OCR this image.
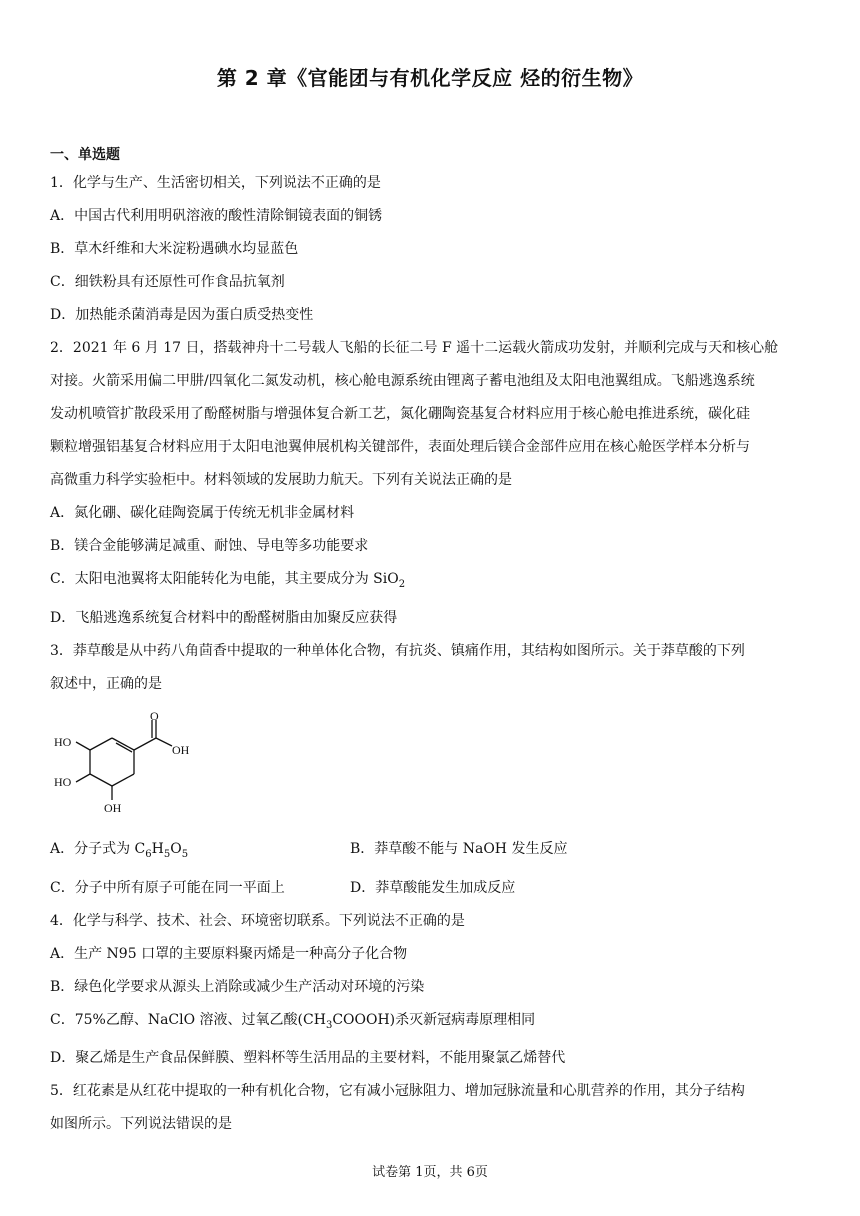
第 2 章《官能团与有机化学反应 烃的衍生物》
一、单选题
1．化学与生产、生活密切相关，下列说法不正确的是
A．中国古代利用明矾溶液的酸性清除铜镜表面的铜锈
B．草木纤维和大米淀粉遇碘水均显蓝色
C．细铁粉具有还原性可作食品抗氧剂
D．加热能杀菌消毒是因为蛋白质受热变性
2．2021 年 6 月 17 日，搭载神舟十二号载人飞船的长征二号 F 遥十二运载火箭成功发射，并顺利完成与天和核心舱
对接。火箭采用偏二甲肼/四氧化二氮发动机，核心舱电源系统由锂离子蓄电池组及太阳电池翼组成。飞船逃逸系统
发动机喷管扩散段采用了酚醛树脂与增强体复合新工艺，氮化硼陶瓷基复合材料应用于核心舱电推进系统，碳化硅
颗粒增强铝基复合材料应用于太阳电池翼伸展机构关键部件，表面处理后镁合金部件应用在核心舱医学样本分析与
高微重力科学实验柜中。材料领域的发展助力航天。下列有关说法正确的是
A．氮化硼、碳化硅陶瓷属于传统无机非金属材料
B．镁合金能够满足减重、耐蚀、导电等多功能要求
C．太阳电池翼将太阳能转化为电能，其主要成分为 SiO$_2$
D．飞船逃逸系统复合材料中的酚醛树脂由加聚反应获得
3．莽草酸是从中药八角茴香中提取的一种单体化合物，有抗炎、镇痛作用，其结构如图所示。关于莽草酸的下列
叙述中，正确的是
O
OH
HO
HO
OH
A．分子式为 $C_6H_5O_5$	B．莽草酸不能与 NaOH 发生反应
C．分子中所有原子可能在同一平面上	D．莽草酸能发生加成反应
4．化学与科学、技术、社会、环境密切联系。下列说法不正确的是
A．生产 N95 口罩的主要原料聚丙烯是一种高分子化合物
B．绿色化学要求从源头上消除或减少生产活动对环境的污染
C．75%乙醇、NaClO 溶液、过氧乙酸$(CH_3COOOH)$杀灭新冠病毒原理相同
D．聚乙烯是生产食品保鲜膜、塑料杯等生活用品的主要材料，不能用聚氯乙烯替代
5．红花素是从红花中提取的一种有机化合物，它有减小冠脉阻力、增加冠脉流量和心肌营养的作用，其分子结构
如图所示。下列说法错误的是
试卷第 1页，共 6页
